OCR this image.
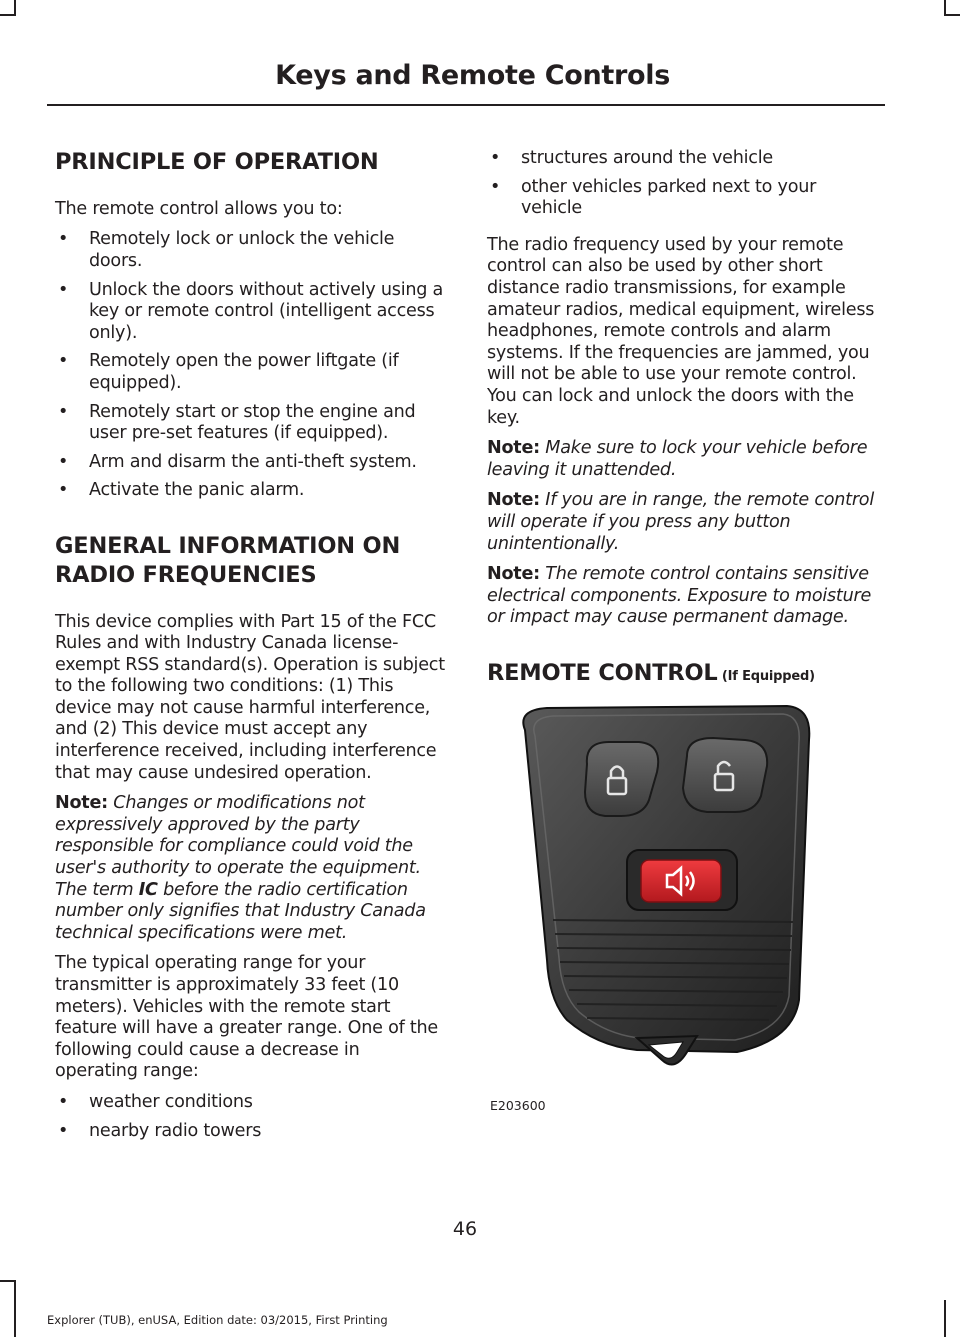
Keys and Remote Controls
PRINCIPLE OF OPERATION

The remote control allows you to:

• Remotely lock or unlock the vehicle doors.
• Unlock the doors without actively using a key or remote control (intelligent access only).
• Remotely open the power liftgate (if equipped).
• Remotely start or stop the engine and user pre-set features (if equipped).
• Arm and disarm the anti-theft system.
• Activate the panic alarm.
GENERAL INFORMATION ON
RADIO FREQUENCIES

This device complies with Part 15 of the FCC Rules and with Industry Canada license-exempt RSS standard(s). Operation is subject to the following two conditions: (1) This device may not cause harmful interference, and (2) This device must accept any interference received, including interference that may cause undesired operation.

Note: Changes or modifications not expressively approved by the party responsible for compliance could void the user's authority to operate the equipment. The term IC before the radio certification number only signifies that Industry Canada technical specifications were met.

The typical operating range for your transmitter is approximately 33 feet (10 meters). Vehicles with the remote start feature will have a greater range. One of the following could cause a decrease in operating range:

• weather conditions
• nearby radio towers
• structures around the vehicle
• other vehicles parked next to your vehicle

The radio frequency used by your remote control can also be used by other short distance radio transmissions, for example amateur radios, medical equipment, wireless headphones, remote controls and alarm systems. If the frequencies are jammed, you will not be able to use your remote control. You can lock and unlock the doors with the key.

Note: Make sure to lock your vehicle before leaving it unattended.

Note: If you are in range, the remote control will operate if you press any button unintentionally.

Note: The remote control contains sensitive electrical components. Exposure to moisture or impact may cause permanent damage.

REMOTE CONTROL (If Equipped)
E203600
46
Explorer (TUB), enUSA, Edition date: 03/2015, First Printing
